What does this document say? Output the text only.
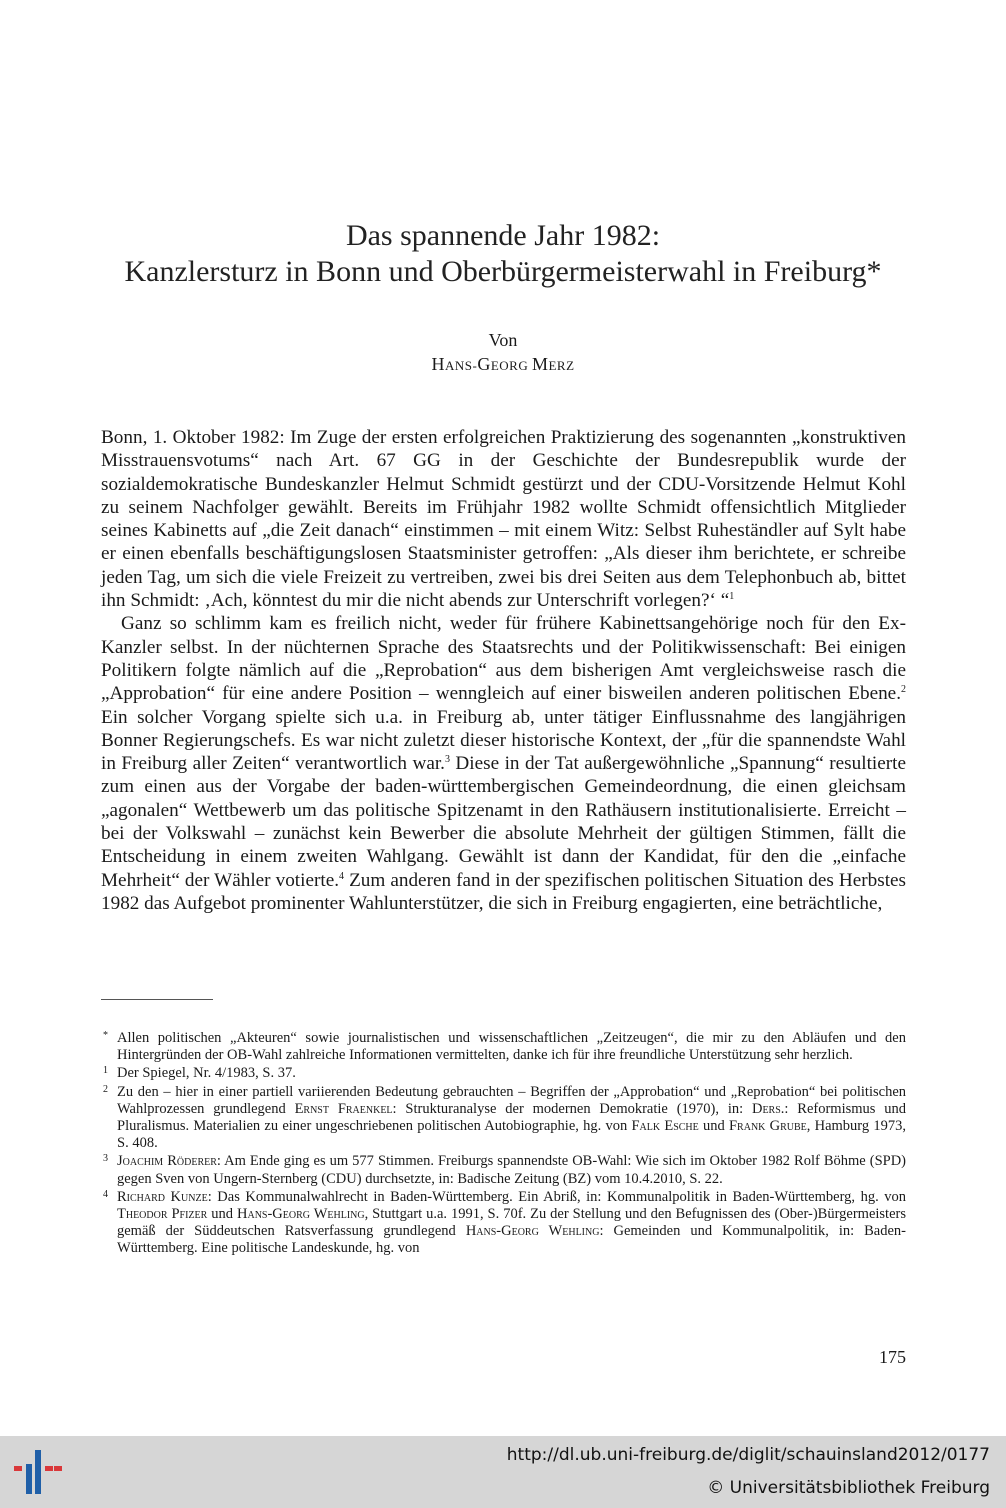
Das spannende Jahr 1982:
Kanzlersturz in Bonn und Oberbürgermeisterwahl in Freiburg*
Von
HANS-GEORG MERZ

Bonn, 1. Oktober 1982: Im Zuge der ersten erfolgreichen Praktizierung des sogenannten „konstruktiven Misstrauensvotums“ nach Art. 67 GG in der Geschichte der Bundesrepublik wurde der sozialdemokratische Bundeskanzler Helmut Schmidt gestürzt und der CDU-Vorsitzende Helmut Kohl zu seinem Nachfolger gewählt. Bereits im Frühjahr 1982 wollte Schmidt offensichtlich Mitglieder seines Kabinetts auf „die Zeit danach“ einstimmen – mit einem Witz: Selbst Ruheständler auf Sylt habe er einen ebenfalls beschäftigungslosen Staatsminister getroffen: „Als dieser ihm berichtete, er schreibe jeden Tag, um sich die viele Freizeit zu vertreiben, zwei bis drei Seiten aus dem Telephonbuch ab, bittet ihn Schmidt: ‚Ach, könntest du mir die nicht abends zur Unterschrift vorlegen?‘ “$^1$

Ganz so schlimm kam es freilich nicht, weder für frühere Kabinettsangehörige noch für den Ex-Kanzler selbst. In der nüchternen Sprache des Staatsrechts und der Politikwissenschaft: Bei einigen Politikern folgte nämlich auf die „Reprobation“ aus dem bisherigen Amt vergleichsweise rasch die „Approbation“ für eine andere Position – wenngleich auf einer bisweilen anderen politischen Ebene.$^2$ Ein solcher Vorgang spielte sich u.a. in Freiburg ab, unter tätiger Einflussnahme des langjährigen Bonner Regierungschefs. Es war nicht zuletzt dieser historische Kontext, der „für die spannendste Wahl in Freiburg aller Zeiten“ verantwortlich war.$^3$ Diese in der Tat außergewöhnliche „Spannung“ resultierte zum einen aus der Vorgabe der baden-württembergischen Gemeindeordnung, die einen gleichsam „agonalen“ Wettbewerb um das politische Spitzenamt in den Rathäusern institutionalisierte. Erreicht – bei der Volkswahl – zunächst kein Bewerber die absolute Mehrheit der gültigen Stimmen, fällt die Entscheidung in einem zweiten Wahlgang. Gewählt ist dann der Kandidat, für den die „einfache Mehrheit“ der Wähler votierte.$^4$ Zum anderen fand in der spezifischen politischen Situation des Herbstes 1982 das Aufgebot prominenter Wahlunterstützer, die sich in Freiburg engagierten, eine beträchtliche,

* Allen politischen „Akteuren“ sowie journalistischen und wissenschaftlichen „Zeitzeugen“, die mir zu den Abläufen und den Hintergründen der OB-Wahl zahlreiche Informationen vermittelten, danke ich für ihre freundliche Unterstützung sehr herzlich.
1 Der Spiegel, Nr. 4/1983, S. 37.
2 Zu den – hier in einer partiell variierenden Bedeutung gebrauchten – Begriffen der „Approbation“ und „Reprobation“ bei politischen Wahlprozessen grundlegend Ernst Fraenkel: Strukturanalyse der modernen Demokratie (1970), in: Ders.: Reformismus und Pluralismus. Materialien zu einer ungeschriebenen politischen Autobiographie, hg. von Falk Esche und Frank Grube, Hamburg 1973, S. 408.
3 Joachim Röderer: Am Ende ging es um 577 Stimmen. Freiburgs spannendste OB-Wahl: Wie sich im Oktober 1982 Rolf Böhme (SPD) gegen Sven von Ungern-Sternberg (CDU) durchsetzte, in: Badische Zeitung (BZ) vom 10.4.2010, S. 22.
4 Richard Kunze: Das Kommunalwahlrecht in Baden-Württemberg. Ein Abriß, in: Kommunalpolitik in Baden-Württemberg, hg. von Theodor Pfizer und Hans-Georg Wehling, Stuttgart u.a. 1991, S. 70f. Zu der Stellung und den Befugnissen des (Ober-)Bürgermeisters gemäß der Süddeutschen Ratsverfassung grundlegend Hans-Georg Wehling: Gemeinden und Kommunalpolitik, in: Baden-Württemberg. Eine politische Landeskunde, hg. von
175
http://dl.ub.uni-freiburg.de/diglit/schauinsland2012/0177
© Universitätsbibliothek Freiburg
